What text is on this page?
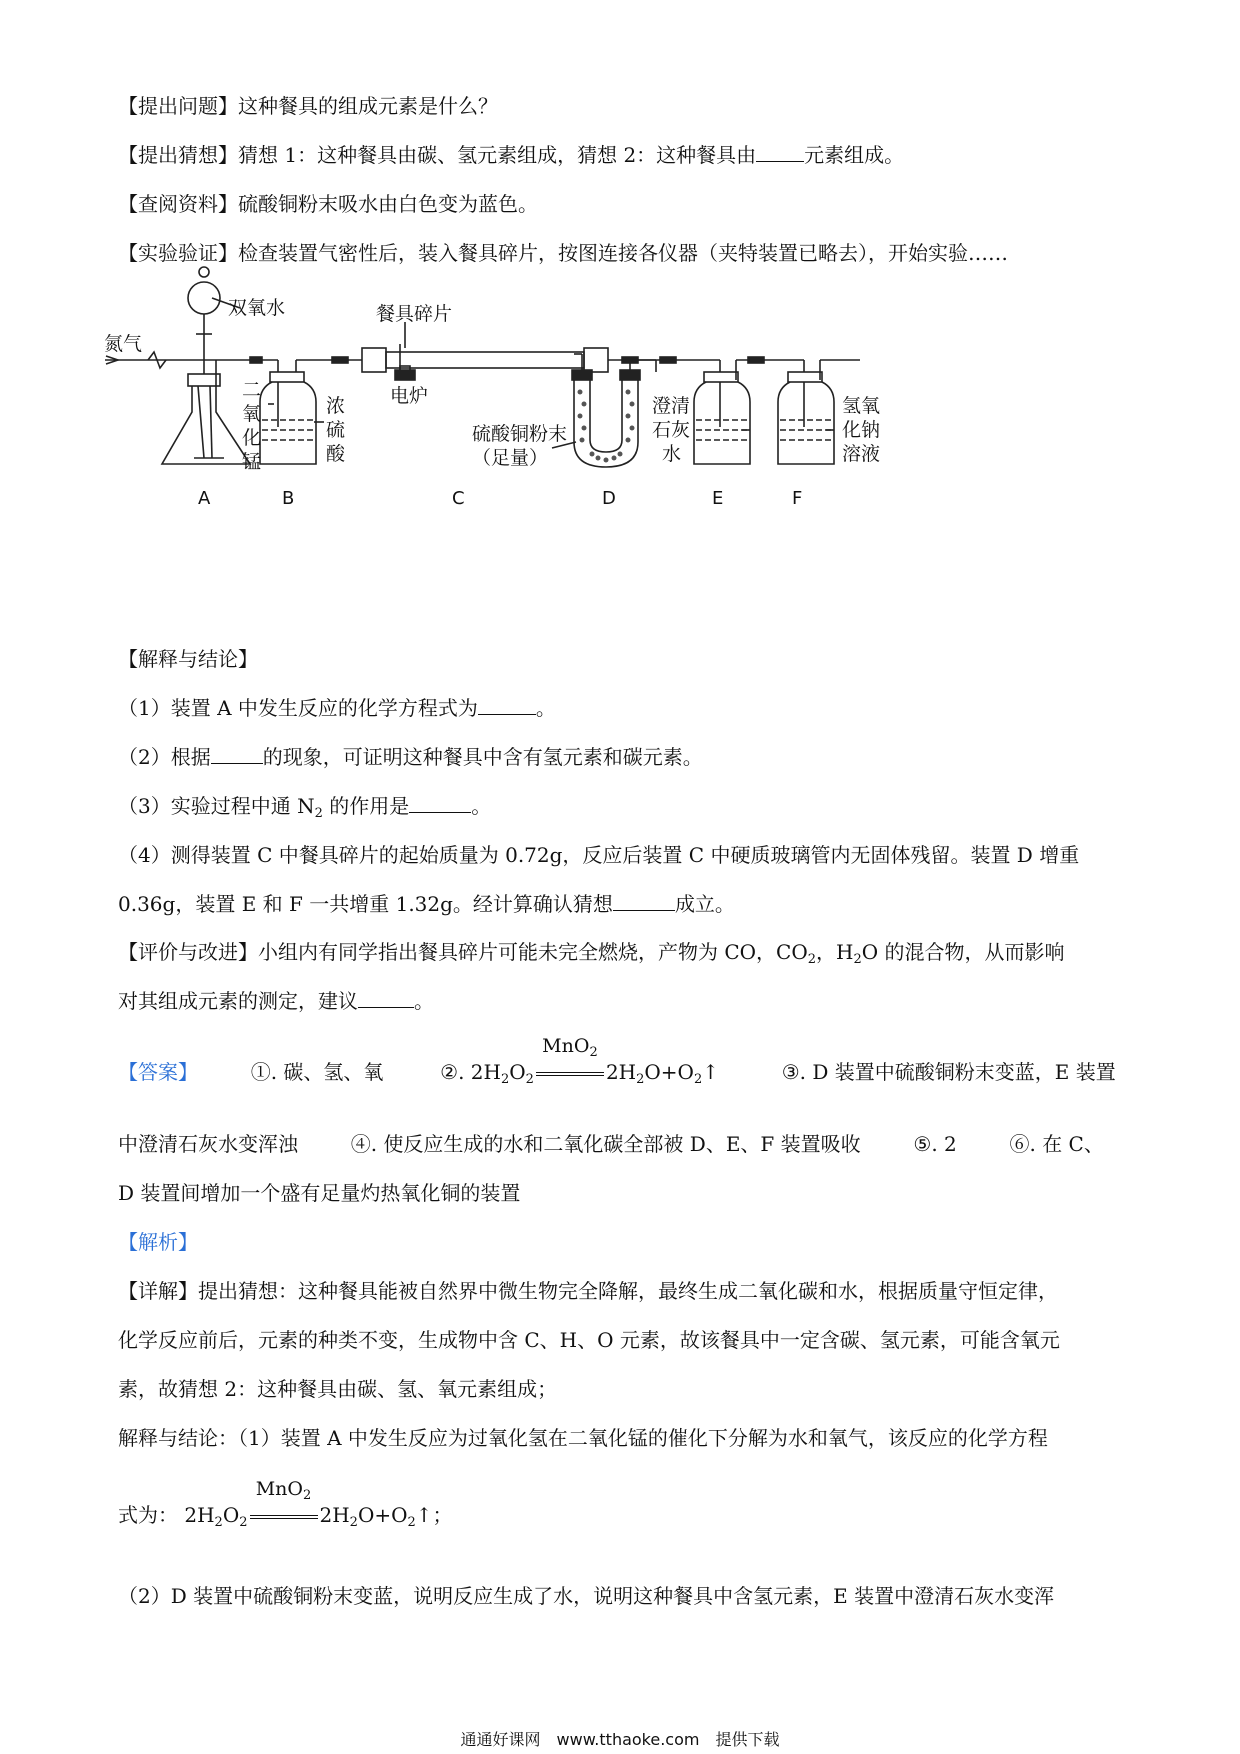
【提出问题】这种餐具的组成元素是什么？
【提出猜想】猜想 1：这种餐具由碳、氢元素组成，猜想 2：这种餐具由 元素组成。
【查阅资料】硫酸铜粉末吸水由白色变为蓝色。
【实验验证】检查装置气密性后，装入餐具碎片，按图连接各仪器（夹特装置已略去），开始实验……
双氧水
氮气
二
氧
化
锰
浓
硫
酸
餐具碎片
电炉
硫酸铜粉末
（足量）
澄清
石灰
水
氢氧
化钠
溶液
A	B	C	D	E	F
【解释与结论】
（1）装置 A 中发生反应的化学方程式为	。
（2）根据	的现象，可证明这种餐具中含有氢元素和碳元素。
（3）实验过程中通 $N_2$ 的作用是	。
（4）测得装置 C 中餐具碎片的起始质量为 0.72g，反应后装置 C 中硬质玻璃管内无固体残留。装置 D 增重
0.36g，装置 E 和 F 一共增重 1.32g。经计算确认猜想	成立。
【评价与改进】小组内有同学指出餐具碎片可能未完全燃烧，产物为 CO，$CO_2$，$H_2O$ 的混合物，从而影响
对其组成元素的测定，建议	。
【答案】	①. 碳、氢、氧	②. $2H_2O_2$
MnO$_2$
$2H_2O+O_2↑$	③. D 装置中硫酸铜粉末变蓝，E 装置
中澄清石灰水变浑浊	④. 使反应生成的水和二氧化碳全部被 D、E、F 装置吸收	⑤. 2	⑥. 在 C、
D 装置间增加一个盛有足量灼热氧化铜的装置
【解析】
【详解】提出猜想：这种餐具能被自然界中微生物完全降解，最终生成二氧化碳和水，根据质量守恒定律，
化学反应前后，元素的种类不变，生成物中含 C、H、O 元素，故该餐具中一定含碳、氢元素，可能含氧元
素，故猜想 2：这种餐具由碳、氢、氧元素组成；
解释与结论：（1）装置 A 中发生反应为过氧化氢在二氧化锰的催化下分解为水和氧气，该反应的化学方程
式为： $2H_2O_2$
MnO$_2$
$2H_2O+O_2↑$；
（2）D 装置中硫酸铜粉末变蓝，说明反应生成了水，说明这种餐具中含氢元素，E 装置中澄清石灰水变浑
通通好课网　www.tthaoke.com　提供下载
